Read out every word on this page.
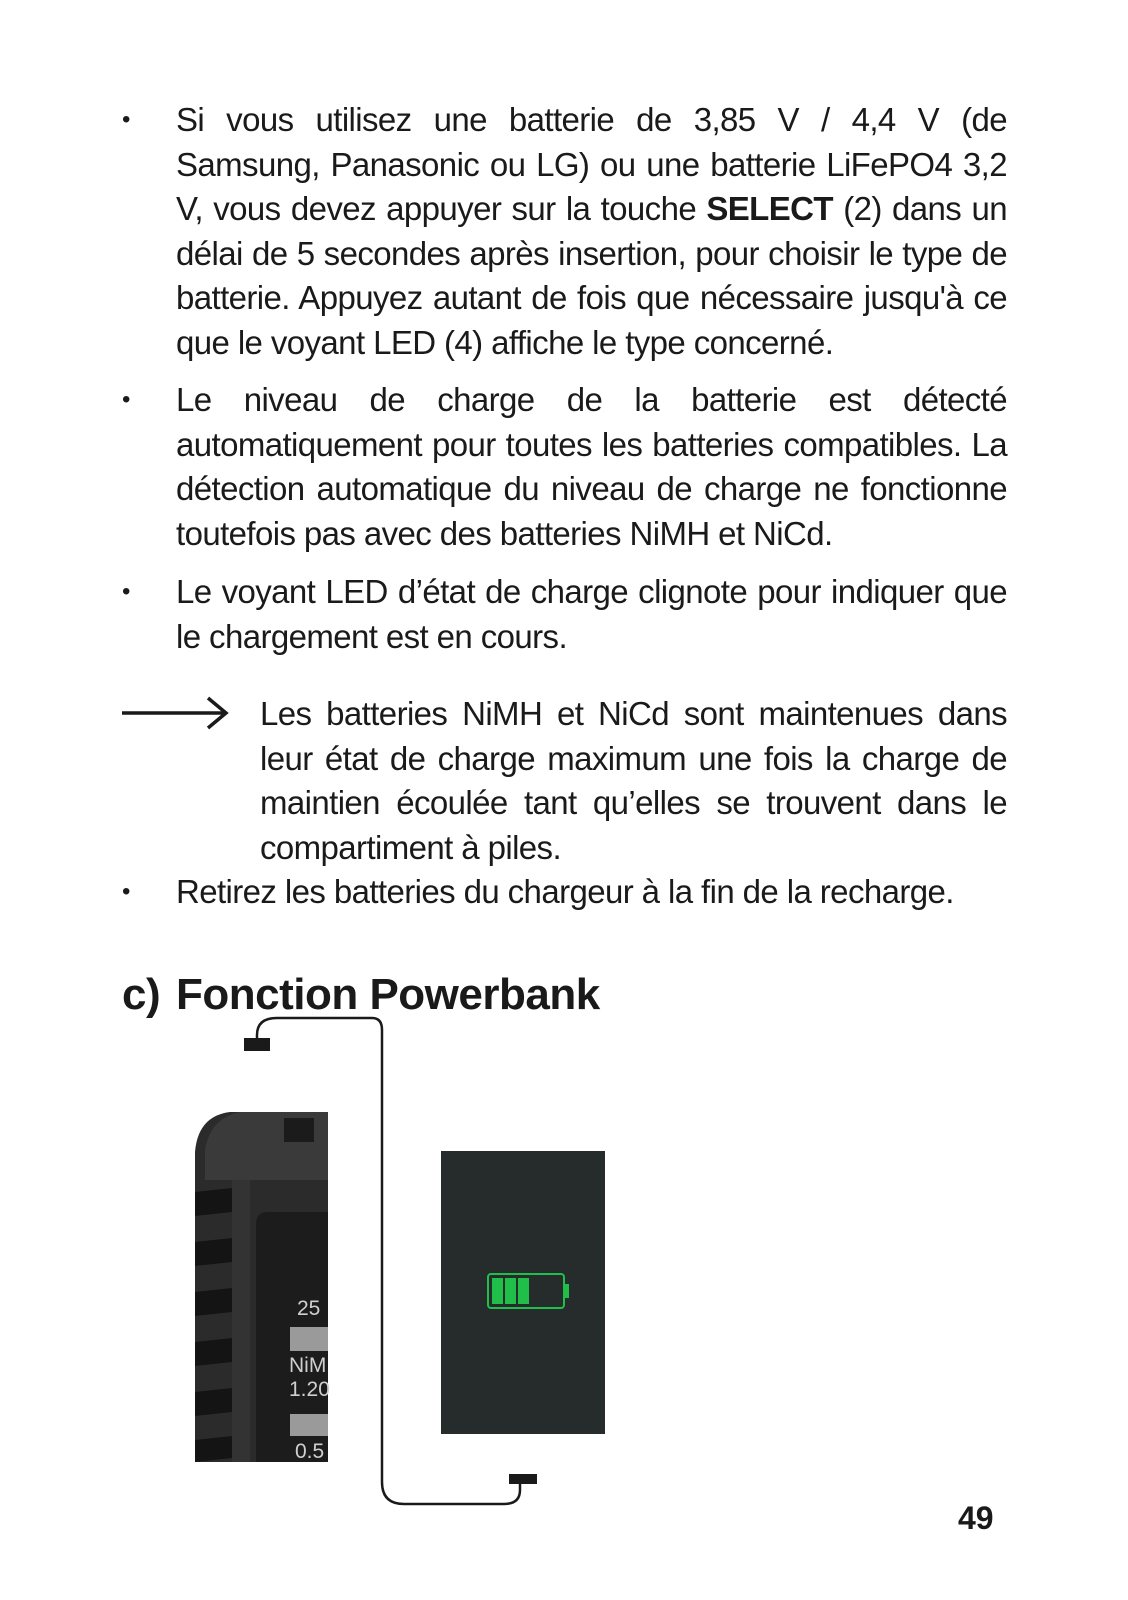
• Si vous utilisez une batterie de 3,85 V / 4,4 V (de Samsung, Panasonic ou LG) ou une batterie LiFePO4 3,2 V, vous devez appuyer sur la touche SELECT (2) dans un délai de 5 secondes après insertion, pour choisir le type de batterie. Appuyez autant de fois que nécessaire jusqu'à ce que le voyant LED (4) affiche le type concerné.
• Le niveau de charge de la batterie est détecté automatiquement pour toutes les batteries compatibles. La détection automatique du niveau de charge ne fonctionne toutefois pas avec des batteries NiMH et NiCd.
• Le voyant LED d’état de charge clignote pour indiquer que le chargement est en cours.
Les batteries NiMH et NiCd sont maintenues dans leur état de charge maximum une fois la charge de maintien écoulée tant qu’elles se trouvent dans le compartiment à piles.
• Retirez les batteries du chargeur à la fin de la recharge.
c) Fonction Powerbank
25
NiM
1.20
0.5
49
